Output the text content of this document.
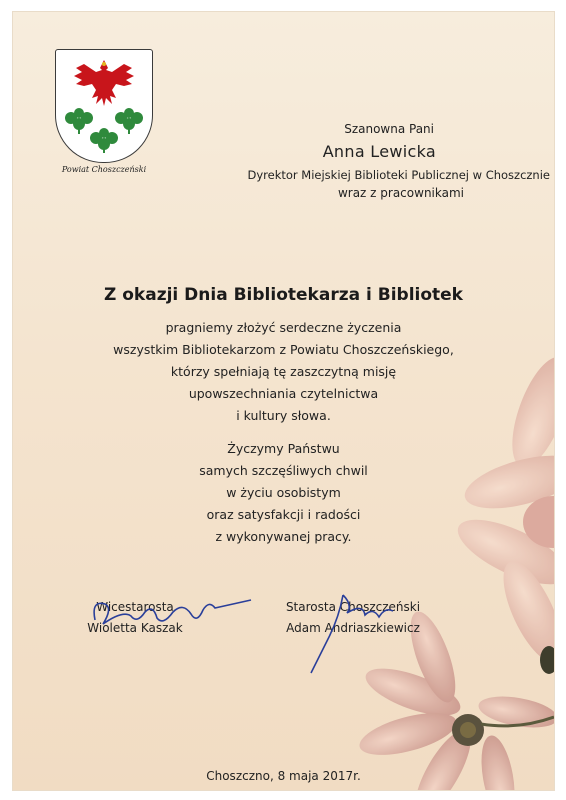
Powiat Choszczeński
Szanowna Pani
Anna Lewicka
Dyrektor Miejskiej Biblioteki Publicznej w Choszcznie
wraz z pracownikami
Z okazji Dnia Bibliotekarza i Bibliotek
pragniemy złożyć serdeczne życzenia
wszystkim Bibliotekarzom z Powiatu Choszczeńskiego,
którzy spełniają tę zaszczytną misję
upowszechniania czytelnictwa
i kultury słowa.
Życzymy Państwu
samych szczęśliwych chwil
w życiu osobistym
oraz satysfakcji i radości
z wykonywanej pracy.
Wicestarosta
Wioletta Kaszak
Starosta Choszczeński
Adam Andriaszkiewicz
Choszczno, 8 maja 2017r.
